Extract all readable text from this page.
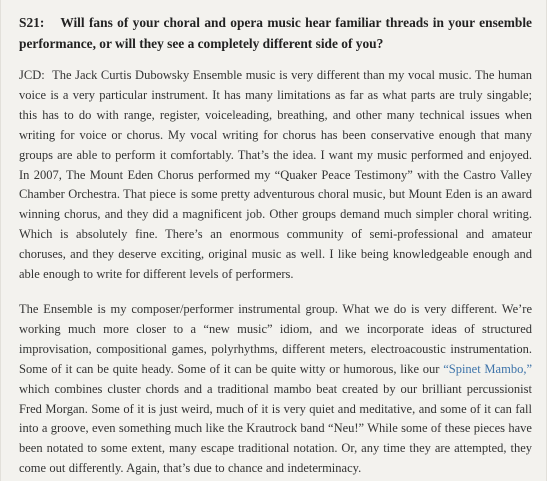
S21: Will fans of your choral and opera music hear familiar threads in your ensemble performance, or will they see a completely different side of you?

JCD: The Jack Curtis Dubowsky Ensemble music is very different than my vocal music. The human voice is a very particular instrument. It has many limitations as far as what parts are truly singable; this has to do with range, register, voiceleading, breathing, and other many technical issues when writing for voice or chorus. My vocal writing for chorus has been conservative enough that many groups are able to perform it comfortably. That’s the idea. I want my music performed and enjoyed. In 2007, The Mount Eden Chorus performed my “Quaker Peace Testimony” with the Castro Valley Chamber Orchestra. That piece is some pretty adventurous choral music, but Mount Eden is an award winning chorus, and they did a magnificent job. Other groups demand much simpler choral writing. Which is absolutely fine. There’s an enormous community of semi-professional and amateur choruses, and they deserve exciting, original music as well. I like being knowledgeable enough and able enough to write for different levels of performers.

The Ensemble is my composer/performer instrumental group. What we do is very different. We’re working much more closer to a “new music” idiom, and we incorporate ideas of structured improvisation, compositional games, polyrhythms, different meters, electroacoustic instrumentation. Some of it can be quite heady. Some of it can be quite witty or humorous, like our “Spinet Mambo,” which combines cluster chords and a traditional mambo beat created by our brilliant percussionist Fred Morgan. Some of it is just weird, much of it is very quiet and meditative, and some of it can fall into a groove, even something much like the Krautrock band “Neu!” While some of these pieces have been notated to some extent, many escape traditional notation. Or, any time they are attempted, they come out differently. Again, that’s due to chance and indeterminacy.
